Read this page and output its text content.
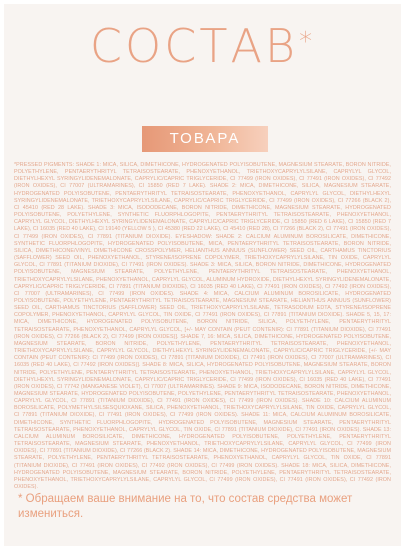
СОСТАВ*
ТОВАРА
*PRESSED PIGMENTS: SHADE 1: MICA, SILICA, DIMETHICONE, HYDROGENATED POLYISOBUTENE, MAGNESIUM STEARATE, BORON NITRIDE, POLYETHYLENE, PENTAERYTHRITYL TETRAISOSTEARATE, PHENOXYETHANOL, TRIETHOXYCAPRYLYLSILANE, CAPRYLYL GLYCOL, DIETHYLHEXYL SYRINGYLIDENEMALONATE, CAPRYLIC/CAPRIC TRIGLYCERIDE, CI 77499 (IRON OXIDES), CI 77491 (IRON OXIDES), CI 77492 (IRON OXIDES), CI 77007 (ULTRAMARINES), CI 15850 (RED 7 LAKE). SHADE 2: MICA, DIMETHICONE, SILICA, MAGNESIUM STEARATE, HYDROGENATED POLYISOBUTENE, PENTAERYTHRITYL TETRAISOSTEARATE, PHENOXYETHANOL, CAPRYLYL GLYCOL, DIETHYLHEXYL SYRINGYLIDENEMALONATE, TRIETHOXYCAPRYLYLSILANE, CAPRYLIC/CAPRIC TRIGLYCERIDE, CI 77499 (IRON OXIDES), CI 77266 (BLACK 2), CI 45410 (RED 28 LAKE). SHADE 3: MICA, ISODODECANE, BORON NITRIDE, DIMETHICONE, MAGNESIUM STEARATE, HYDROGENATED POLYISOBUTENE, POLYETHYLENE, SYNTHETIC FLUORPHLOGOPITE, PENTAERYTHRITYL TETRAISOSTEARATE, PHENOXYETHANOL, CAPRYLYL GLYCOL, DIETHYLHEXYL SYRINGYLIDENEMALONATE, CAPRYLIC/CAPRIC TRIGLYCERIDE, CI 15850 (RED 6 LAKE), CI 15850 (RED 7 LAKE), CI 16035 (RED 40 LAKE), CI 19140 (YELLOW 5 ), CI 45380 (RED 22 LAKE), CI 45410 (RED 28), CI 77266 (BLACK 2), CI 77491 (IRON OXIDES), CI 77499 (IRON OXIDES), CI 77891 (TITANIUM DIOXIDE). EYESHADOW: SHADE 2: CALCIUM ALUMINUM BOROSILICATE, DIMETHICONE, SYNTHETIC FLUORPHLOGOPITE, HYDROGENATED POLYISOBUTENE, MICA, PENTAERYTHRITYL TETRAISOSTEARATE, BORON NITRIDE, SILICA, DIMETHICONE/VINYL DIMETHICONE CROSSPOLYMER, HELIANTHUS ANNUUS (SUNFLOWER) SEED OIL, CARTHAMUS TINCTORIUS (SAFFLOWER) SEED OIL, PHENOXYETHANOL, STYRENE/ISOPRENE COPOLYMER, TRIETHOXYCAPRYLYLSILANE, TIN OXIDE, CAPRYLYL GLYCOL, CI 77891 (TITANIUM DIOXIDE), CI 77491 (IRON OXIDES). SHADE 3: MICA, SILICA, BORON NITRIDE, DIMETHICONE, HYDROGENATED POLYISOBUTENE, MAGNESIUM STEARATE, POLYETHYLENE, PENTAERYTHRITYL TETRAISOSTEARATE, PHENOXYETHANOL, TRIETHOXYCAPRYLYLSILANE, PHENOXYETHANOL, CAPRYLYL GLYCOL, ALUMINUM HYDROXIDE, DIETHYLHEXYL SYRINGYLIDENEMALONATE, CAPRYLIC/CAPRIC TRIGLYCERIDE, CI 77891 (TITANIUM DIOXIDE), CI 16035 (RED 40 LAKE), CI 77491 (IRON OXIDES), CI 77492 (IRON OXIDES), CI 77007 (ULTRAMARINES), CI 77499 (IRON OXIDES). SHADE 4: MICA, CALCIUM ALUMINUM BOROSILICATE, HYDROGENATED POLYISOBUTENE, POLYETHYLENE, PENTAERYTHRITYL TETRAISOSTEARATE, MAGNESIUM STEARATE, HELIANTHUS ANNUUS (SUNFLOWER) SEED OIL, CARTHAMUS TINCTORIUS (SAFFLOWER) SEED OIL, TRIETHOXYCAPRYLYLSILANE, TETRASODIUM EDTA, STYRENE/ISOPRENE COPOLYMER, PHENOXYETHANOL, CAPRYLYL GLYCOL, TIN OXIDE, CI 77491 (IRON OXIDES), CI 77891 (TITANIUM DIOXIDE). SHADE 5, 15, 17: MICA, DIMETHICONE, HYDROGENATED POLYISOBUTENE, BORON NITRIDE, SILICA, POLYETHYLENE, PENTAERYTHRITYL TETRAISOSTEARATE, PHENOXYETHANOL, CAPRYLYL GLYCOL, [+/- MAY CONTAIN (PEUT CONTENIR): CI 77891 (TITANIUM DIOXIDE), CI 77491 (IRON OXIDES), CI 77266 (BLACK 2), CI 77499 (IRON OXIDES)]. SHADE 7, 16: MICA, SILICA, DIMETHICONE, HYDROGENATED POLYISOBUTENE, MAGNESIUM STEARATE, BORON NITRIDE, POLYETHYLENE, PENTAERYTHRITYL TETRAISOSTEARATE, PHENOXYETHANOL, TRIETHOXYCAPRYLYLSILANE, CAPRYLYL GLYCOL, DIETHYLHEXYL SYRINGYLIDENEMALONATE, CAPRYLIC/CAPRIC TRIGLYCERIDE, [+/- MAY CONTAIN (PEUT CONTENIR): CI 77499 (IRON OXIDES), CI 77891 (TITANIUM DIOXIDE), CI 77491 (IRON OXIDES), CI 77007 (ULTRAMARINES), CI 16035 (RED 40 LAKE), CI 77492 (IRON OXIDES)]. SHADE 8: MICA, SILICA, HYDROGENATED POLYISOBUTENE, MAGNESIUM STEARATE, BORON NITRIDE, POLYETHYLENE, PENTAERYTHRITYL TETRAISOSTEARATE, PHENOXYETHANOL, TRIETHOXYCAPRYLYLSILANE, CAPRYLYL GLYCOL, DIETHYLHEXYL SYRINGYLIDENEMALONATE, CAPRYLIC/CAPRIC TRIGLYCERIDE, CI 77499 (IRON OXIDES), CI 16035 (RED 40 LAKE), CI 77491 (IRON OXIDES), CI 77742 (MANGANESE VIOLET), CI 77007 (ULTRAMARINES). SHADE 9: MICA, ISODODECANE, BORON NITRIDE, DIMETHICONE, MAGNESIUM STEARATE, HYDROGENATED POLYISOBUTENE, POLYETHYLENE, PENTAERYTHRITYL TETRAISOSTEARATE, PHENOXYETHANOL, CAPRYLYL GLYCOL, CI 77891 (TITANIUM DIOXIDE), CI 77491 (IRON OXIDES), CI 77499 (IRON OXIDES). SHADE 10: CALCIUM ALUMINUM BOROSILICATE, POLYMETHYLSILSESQUIOXANE, SILICA, PHENOXYETHANOL, TRIETHOXYCAPRYLYLSILANE, TIN OXIDE, CAPRYLYL GLYCOL, CI 77891 (TITANIUM DIOXIDE), CI 77491 (IRON OXIDES), CI 77499 (IRON OXIDES). SHADE 11: MICA, CALCIUM ALUMINUM BOROSILICATE, DIMETHICONE, SYNTHETIC FLUORPHLOGOPITE, HYDROGENATED POLYISOBUTENE, MAGNESIUM STEARATE, PENTAERYTHRITYL TETRAISOSTEARATE, PHENOXYETHANOL, CAPRYLYL GLYCOL, TIN OXIDE, CI 77891 (TITANIUM DIOXIDE), CI 77491 (IRON OXIDES). SHADE 13: CALCIUM ALUMINUM BOROSILICATE, DIMETHICONE, HYDROGENATED POLYISOBUTENE, POLYETHYLENE, PENTAERYTHRITYL TETRAISOSTEARATE, MAGNESIUM STEARATE, PHENOXYETHANOL, TRIETHOXYCAPRYLYLSILANE, CAPRYLYL GLYCOL, CI 77499 (IRON OXIDES), CI 77891 (TITANIUM DIOXIDE), CI 77266 (BLACK 2). SHADE 14: MICA, DIMETHICONE, HYDROGENATED POLYISOBUTENE, MAGNESIUM STEARATE, POLYETHYLENE, PENTAERYTHRITYL TETRAISOSTEARATE, PHENOXYETHANOL, CAPRYLYL GLYCOL, TIN OXIDE, CI 77891 (TITANIUM DIOXIDE), CI 77491 (IRON OXIDES), CI 77492 (IRON OXIDES), CI 77499 (IRON OXIDES). SHADE 18: MICA, SILICA, DIMETHICONE, HYDROGENATED POLYISOBUTENE, MAGNESIUM STEARATE, BORON NITRIDE, POLYETHYLENE, PENTAERYTHRITYL TETRAISOSTEARATE, PHENOXYETHANOL, TRIETHOXYCAPRYLYLSILANE, CAPRYLYL GLYCOL, CI 77499 (IRON OXIDES), CI 77491 (IRON OXIDES), CI 77492 (IRON OXIDES).
* Обращаем ваше внимание на то, что состав средства может измениться.
